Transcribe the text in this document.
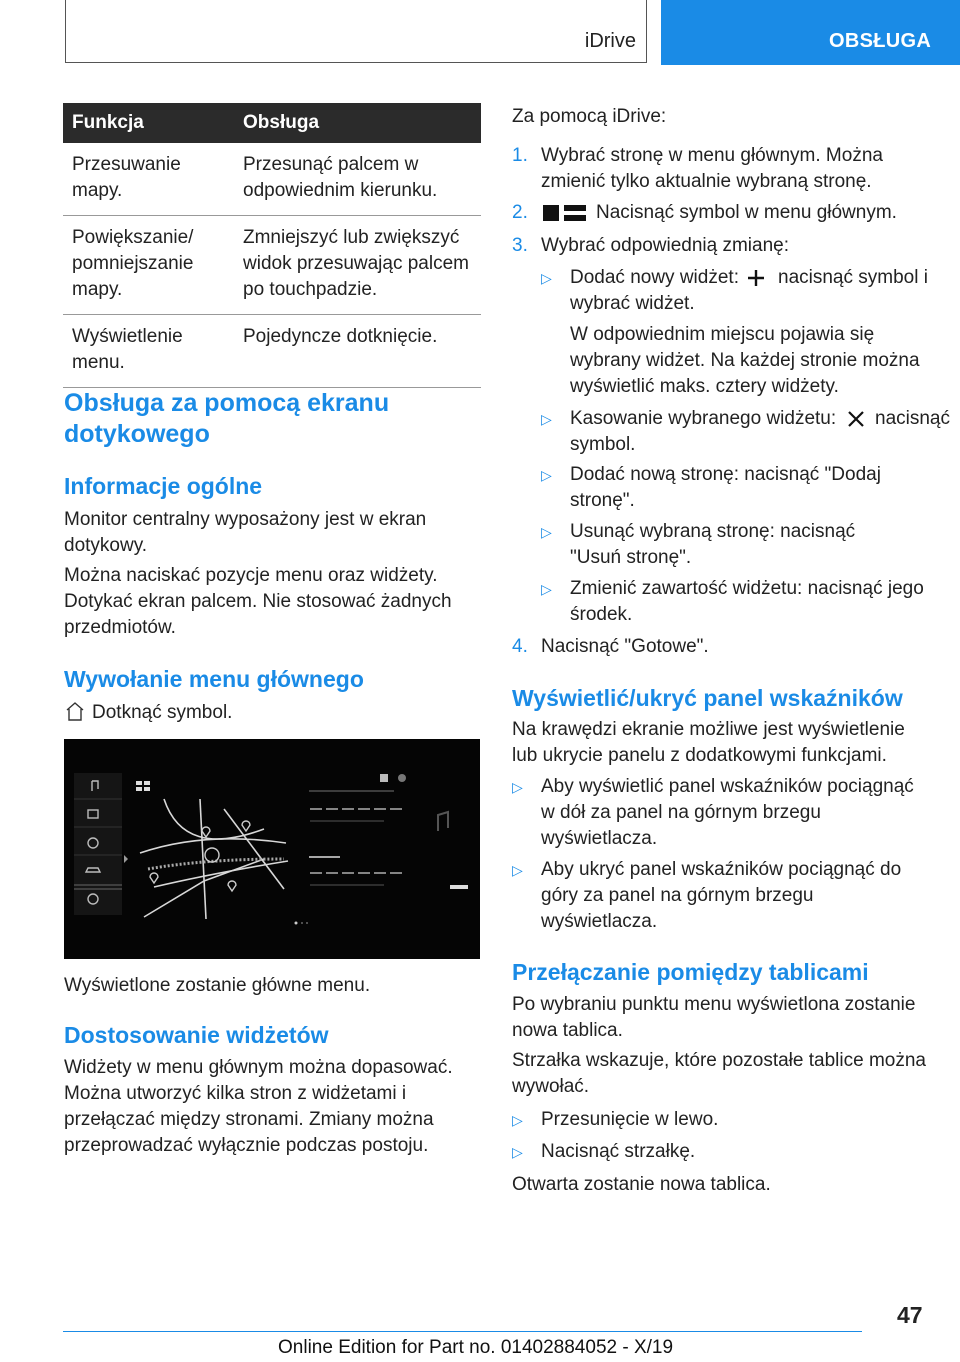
iDrive	OBSŁUGA
Funkcja	Obsługa
Przesuwanie mapy.	Przesunąć palcem w odpowiednim kierunku.
Powiększanie/ pomniejszanie mapy.	Zmniejszyć lub zwiększyć widok przesuwając palcem po touchpadzie.
Wyświetlenie menu.	Pojedyncze dotknięcie.
Obsługa za pomocą ekranu dotykowego
Informacje ogólne
Monitor centralny wyposażony jest w ekran dotykowy.
Można naciskać pozycje menu oraz widżety. Dotykać ekran palcem. Nie stosować żadnych przedmiotów.
Wywołanie menu głównego
Dotknąć symbol.
Wyświetlone zostanie główne menu.
Dostosowanie widżetów
Widżety w menu głównym można dopasować. Można utworzyć kilka stron z widżetami i przełączać między stronami. Zmiany można przeprowadzać wyłącznie podczas postoju.
Za pomocą iDrive:
1. Wybrać stronę w menu głównym. Można zmienić tylko aktualnie wybraną stronę.
2.	Nacisnąć symbol w menu głównym.
3. Wybrać odpowiednią zmianę:
▷ Dodać nowy widżet:	nacisnąć symbol i wybrać widżet.
W odpowiednim miejscu pojawia się wybrany widżet. Na każdej stronie można wyświetlić maks. cztery widżety.
▷ Kasowanie wybranego widżetu:	nacisnąć symbol.
▷ Dodać nową stronę: nacisnąć "Dodaj stronę".
▷ Usunąć wybraną stronę: nacisnąć "Usuń stronę".
▷ Zmienić zawartość widżetu: nacisnąć jego środek.
4. Nacisnąć "Gotowe".
Wyświetlić/ukryć panel wskaźników
Na krawędzi ekranie możliwe jest wyświetlenie lub ukrycie panelu z dodatkowymi funkcjami.
▷ Aby wyświetlić panel wskaźników pociągnąć w dół za panel na górnym brzegu wyświetlacza.
▷ Aby ukryć panel wskaźników pociągnąć do góry za panel na górnym brzegu wyświetlacza.
Przełączanie pomiędzy tablicami
Po wybraniu punktu menu wyświetlona zostanie nowa tablica.
Strzałka wskazuje, które pozostałe tablice można wywołać.
▷ Przesunięcie w lewo.
▷ Nacisnąć strzałkę.
Otwarta zostanie nowa tablica.
47
Online Edition for Part no. 01402884052 - X/19
